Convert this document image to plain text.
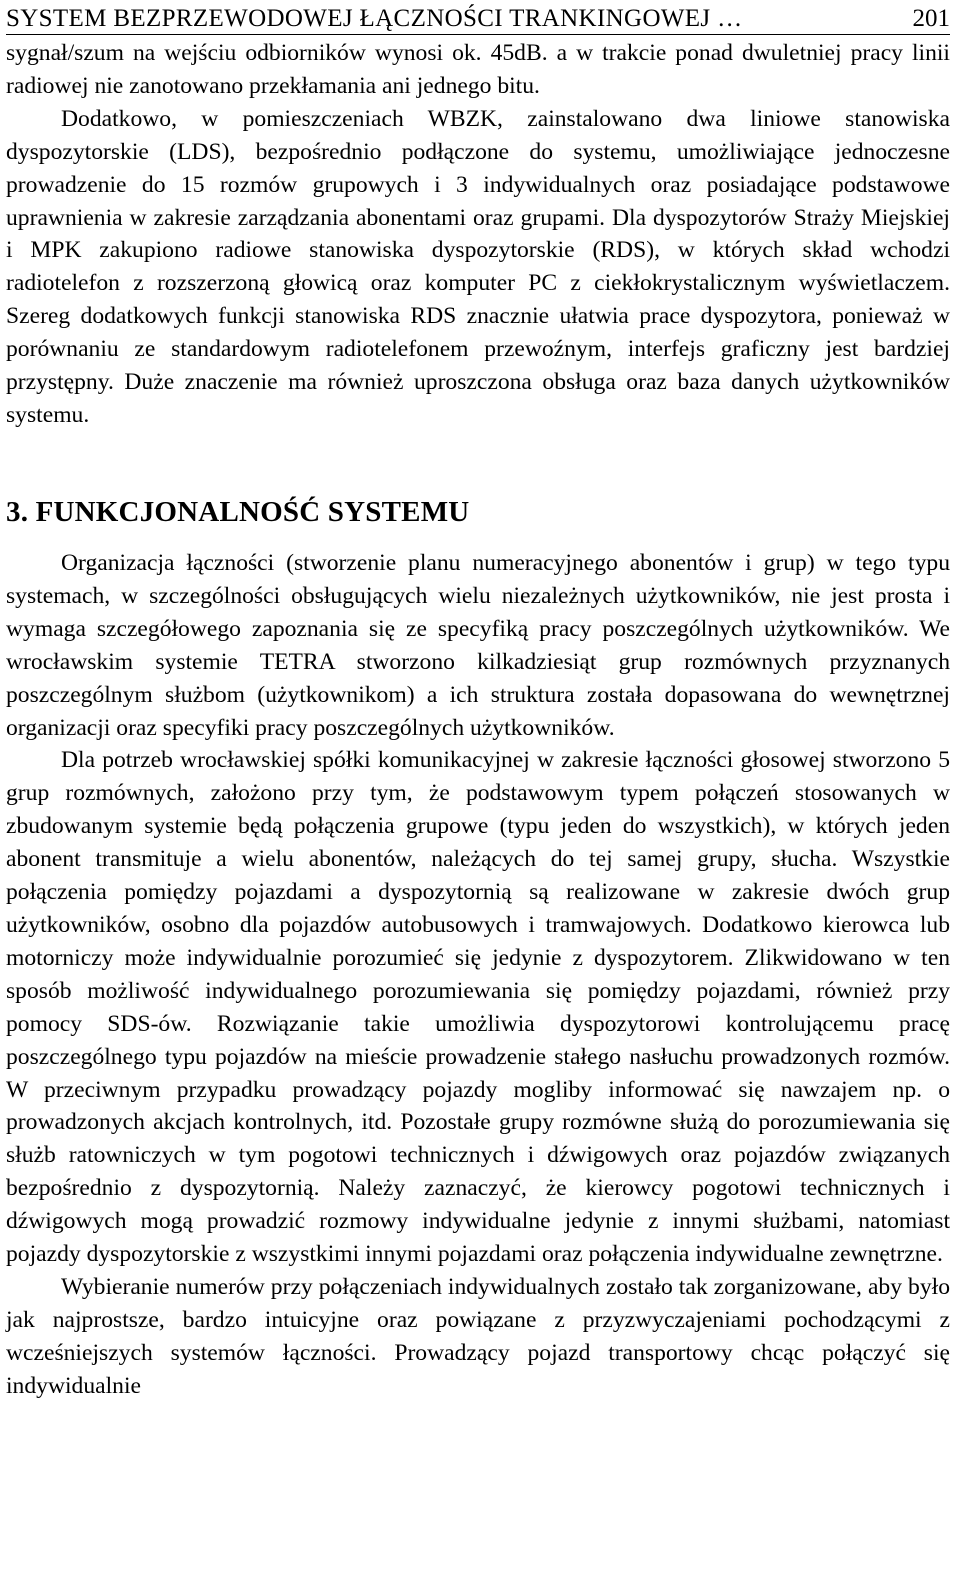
SYSTEM BEZPRZEWODOWEJ ŁĄCZNOŚCI TRANKINGOWEJ …	201

sygnał/szum na wejściu odbiorników wynosi ok. 45dB. a w trakcie ponad dwuletniej pracy linii radiowej nie zanotowano przekłamania ani jednego bitu.

Dodatkowo, w pomieszczeniach WBZK, zainstalowano dwa liniowe stanowiska dyspozytorskie (LDS), bezpośrednio podłączone do systemu, umożliwiające jednoczesne prowadzenie do 15 rozmów grupowych i 3 indywidualnych oraz posiadające podstawowe uprawnienia w zakresie zarządzania abonentami oraz grupami. Dla dyspozytorów Straży Miejskiej i MPK zakupiono radiowe stanowiska dyspozytorskie (RDS), w których skład wchodzi radiotelefon z rozszerzoną głowicą oraz komputer PC z ciekłokrystalicznym wyświetlaczem. Szereg dodatkowych funkcji stanowiska RDS znacznie ułatwia prace dyspozytora, ponieważ w porównaniu ze standardowym radiotelefonem przewoźnym, interfejs graficzny jest bardziej przystępny. Duże znaczenie ma również uproszczona obsługa oraz baza danych użytkowników systemu.

3. FUNKCJONALNOŚĆ SYSTEMU

Organizacja łączności (stworzenie planu numeracyjnego abonentów i grup) w tego typu systemach, w szczególności obsługujących wielu niezależnych użytkowników, nie jest prosta i wymaga szczegółowego zapoznania się ze specyfiką pracy poszczególnych użytkowników. We wrocławskim systemie TETRA stworzono kilkadziesiąt grup rozmównych przyznanych poszczególnym służbom (użytkownikom) a ich struktura została dopasowana do wewnętrznej organizacji oraz specyfiki pracy poszczególnych użytkowników.

Dla potrzeb wrocławskiej spółki komunikacyjnej w zakresie łączności głosowej stworzono 5 grup rozmównych, założono przy tym, że podstawowym typem połączeń stosowanych w zbudowanym systemie będą połączenia grupowe (typu jeden do wszystkich), w których jeden abonent transmituje a wielu abonentów, należących do tej samej grupy, słucha. Wszystkie połączenia pomiędzy pojazdami a dyspozytornią są realizowane w zakresie dwóch grup użytkowników, osobno dla pojazdów autobusowych i tramwajowych. Dodatkowo kierowca lub motorniczy może indywidualnie porozumieć się jedynie z dyspozytorem. Zlikwidowano w ten sposób możliwość indywidualnego porozumiewania się pomiędzy pojazdami, również przy pomocy SDS-ów. Rozwiązanie takie umożliwia dyspozytorowi kontrolującemu pracę poszczególnego typu pojazdów na mieście prowadzenie stałego nasłuchu prowadzonych rozmów. W przeciwnym przypadku prowadzący pojazdy mogliby informować się nawzajem np. o prowadzonych akcjach kontrolnych, itd. Pozostałe grupy rozmówne służą do porozumiewania się służb ratowniczych w tym pogotowi technicznych i dźwigowych oraz pojazdów związanych bezpośrednio z dyspozytornią. Należy zaznaczyć, że kierowcy pogotowi technicznych i dźwigowych mogą prowadzić rozmowy indywidualne jedynie z innymi służbami, natomiast pojazdy dyspozytorskie z wszystkimi innymi pojazdami oraz połączenia indywidualne zewnętrzne.

Wybieranie numerów przy połączeniach indywidualnych zostało tak zorganizowane, aby było jak najprostsze, bardzo intuicyjne oraz powiązane z przyzwyczajeniami pochodzącymi z wcześniejszych systemów łączności. Prowadzący pojazd transportowy chcąc połączyć się indywidualnie
